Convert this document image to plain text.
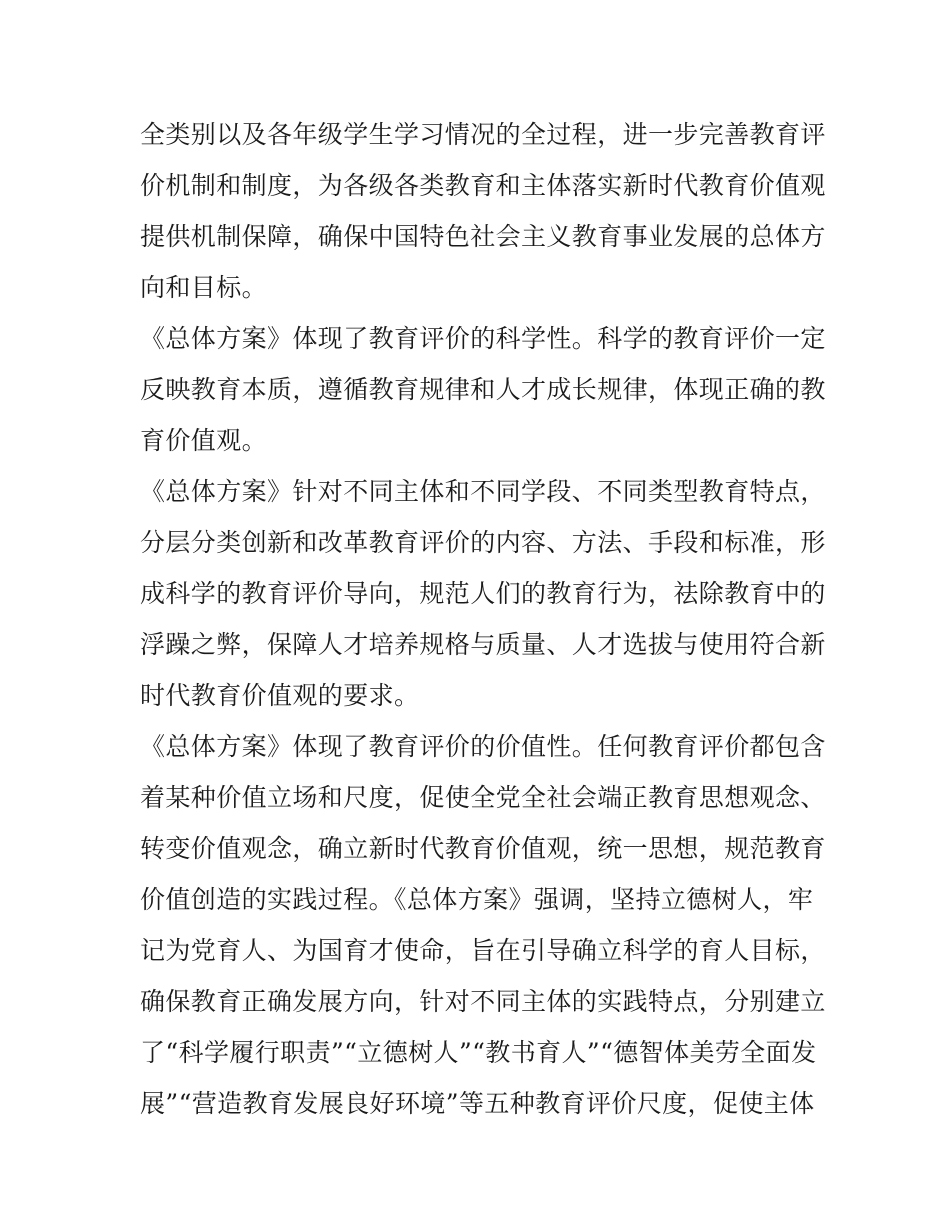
全类别以及各年级学生学习情况的全过程，进一步完善教育评
价机制和制度，为各级各类教育和主体落实新时代教育价值观
提供机制保障，确保中国特色社会主义教育事业发展的总体方
向和目标。
《总体方案》体现了教育评价的科学性。科学的教育评价一定
反映教育本质，遵循教育规律和人才成长规律，体现正确的教
育价值观。
《总体方案》针对不同主体和不同学段、不同类型教育特点，
分层分类创新和改革教育评价的内容、方法、手段和标准，形
成科学的教育评价导向，规范人们的教育行为，祛除教育中的
浮躁之弊，保障人才培养规格与质量、人才选拔与使用符合新
时代教育价值观的要求。
《总体方案》体现了教育评价的价值性。任何教育评价都包含
着某种价值立场和尺度，促使全党全社会端正教育思想观念、
转变价值观念，确立新时代教育价值观，统一思想，规范教育
价值创造的实践过程。《总体方案》强调，坚持立德树人，牢
记为党育人、为国育才使命，旨在引导确立科学的育人目标，
确保教育正确发展方向，针对不同主体的实践特点，分别建立
了“科学履行职责”“立德树人”“教书育人”“德智体美劳全面发
展”“营造教育发展良好环境”等五种教育评价尺度，促使主体
